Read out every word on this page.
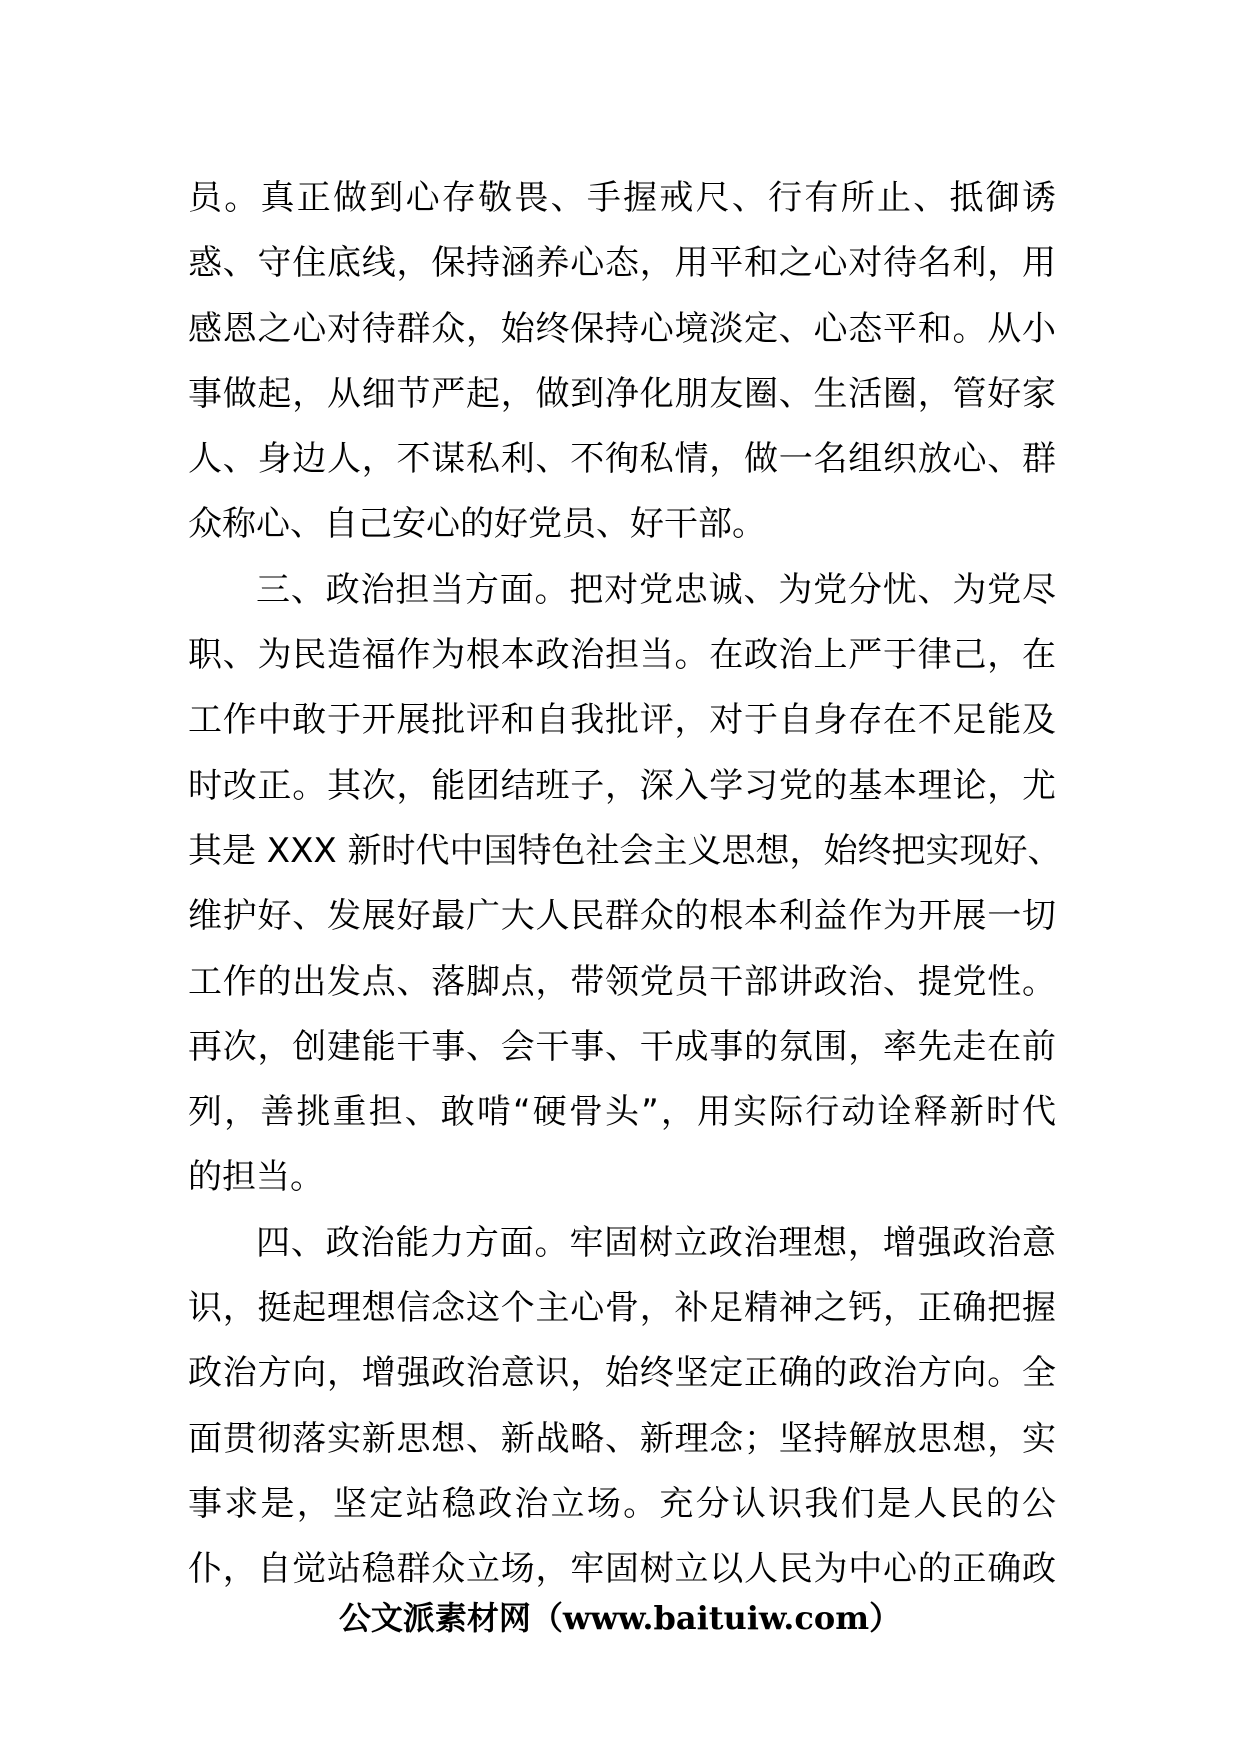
员。真正做到心存敬畏、手握戒尺、行有所止、抵御诱
惑、守住底线，保持涵养心态，用平和之心对待名利，用
感恩之心对待群众，始终保持心境淡定、心态平和。从小
事做起，从细节严起，做到净化朋友圈、生活圈，管好家
人、身边人，不谋私利、不徇私情，做一名组织放心、群
众称心、自己安心的好党员、好干部。
三、政治担当方面。把对党忠诚、为党分忧、为党尽
职、为民造福作为根本政治担当。在政治上严于律己，在
工作中敢于开展批评和自我批评，对于自身存在不足能及
时改正。其次，能团结班子，深入学习党的基本理论，尤
其是 XXX 新时代中国特色社会主义思想，始终把实现好、
维护好、发展好最广大人民群众的根本利益作为开展一切
工作的出发点、落脚点，带领党员干部讲政治、提党性。
再次，创建能干事、会干事、干成事的氛围，率先走在前
列，善挑重担、敢啃“硬骨头”，用实际行动诠释新时代
的担当。
四、政治能力方面。牢固树立政治理想，增强政治意
识，挺起理想信念这个主心骨，补足精神之钙，正确把握
政治方向，增强政治意识，始终坚定正确的政治方向。全
面贯彻落实新思想、新战略、新理念；坚持解放思想，实
事求是，坚定站稳政治立场。充分认识我们是人民的公
仆，自觉站稳群众立场，牢固树立以人民为中心的正确政
公文派素材网（www.baituiw.com）
